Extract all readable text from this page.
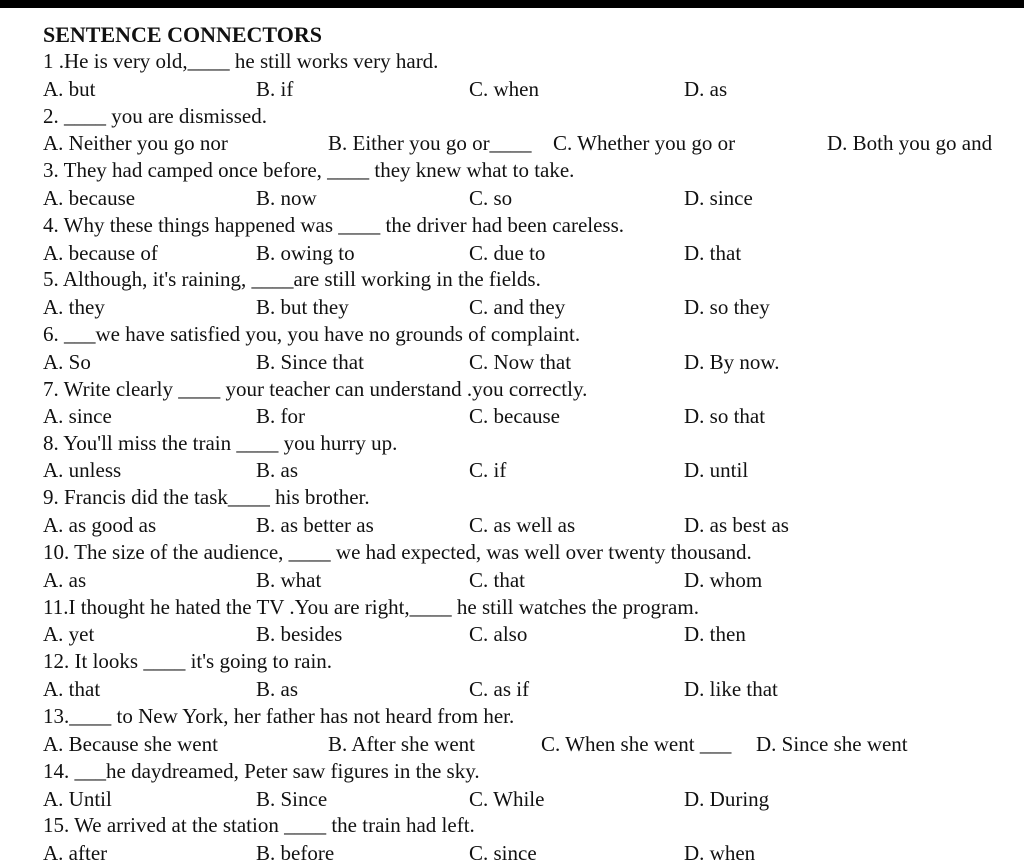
SENTENCE CONNECTORS
1 .He is very old,____ he still works very hard.
A. but	B. if	C. when	D. as
2. ____ you are dismissed.
A. Neither you go nor	B. Either you go or____ C. Whether you go or	D. Both you go and
3. They had camped once before, ____ they knew what to take.
A. because	B. now	C. so	D. since
4. Why these things happened was ____ the driver had been careless.
A. because of	B. owing to	C. due to	D. that
5. Although, it's raining, ____are still working in the fields.
A. they	B. but they	C. and they	D. so they
6. ___we have satisfied you, you have no grounds of complaint.
A. So	B. Since that	C. Now that	D. By now.
7. Write clearly ____ your teacher can understand .you correctly.
A. since	B. for	C. because	D. so that
8. You'll miss the train ____ you hurry up.
A. unless	B. as	C. if	D. until
9. Francis did the task____ his brother.
A. as good as	B. as better as	C. as well as	D. as best as
10. The size of the audience, ____ we had expected, was well over twenty thousand.
A. as	B. what	C. that	D. whom
11.I thought he hated the TV .You are right,____ he still watches the program.
A. yet	B. besides	C. also	D. then
12. It looks ____ it's going to rain.
A. that	B. as	C. as if	D. like that
13.____ to New York, her father has not heard from her.
A. Because she went	B. After she went	C. When she went ___ D. Since she went
14. ___he daydreamed, Peter saw figures in the sky.
A. Until	B. Since	C. While	D. During
15. We arrived at the station ____ the train had left.
A. after	B. before	C. since	D. when
